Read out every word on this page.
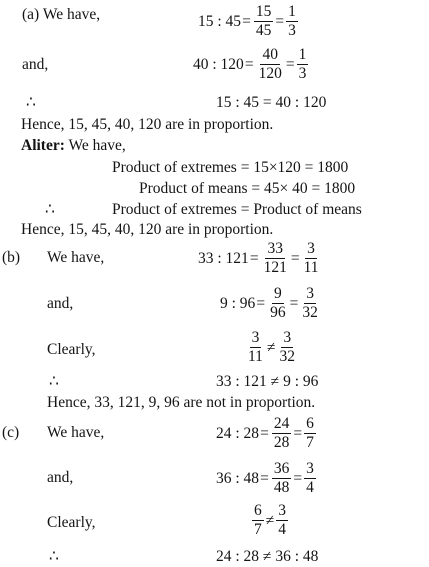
(a) We have,	15 : $45 = \frac{15}{45} = \frac{1}{3}$
and,	40 : $120 = \frac{40}{120} = \frac{1}{3}$
∴	15 : 45 = 40 : 120
Hence, 15, 45, 40, 120 are in proportion.
Aliter: We have,
Product of extremes = 15×120 = 1800
Product of means = 45× 40 = 1800
∴	Product of extremes = Product of means
Hence, 15, 45, 40, 120 are in proportion.
(b) We have,	33 : $121 = \frac{33}{121} = \frac{3}{11}$
and,	9 : $96 = \frac{9}{96} = \frac{3}{32}$
Clearly,	$\frac{3}{11} \ne \frac{3}{32}$
∴	33 : 121 ≠ 9 : 96
Hence, 33, 121, 9, 96 are not in proportion.
(c) We have,	24 : $28 = \frac{24}{28} = \frac{6}{7}$
and,	36 : $48 = \frac{36}{48} = \frac{3}{4}$
Clearly,	$\frac{6}{7} \ne \frac{3}{4}$
∴	24 : 28 ≠ 36 : 48
